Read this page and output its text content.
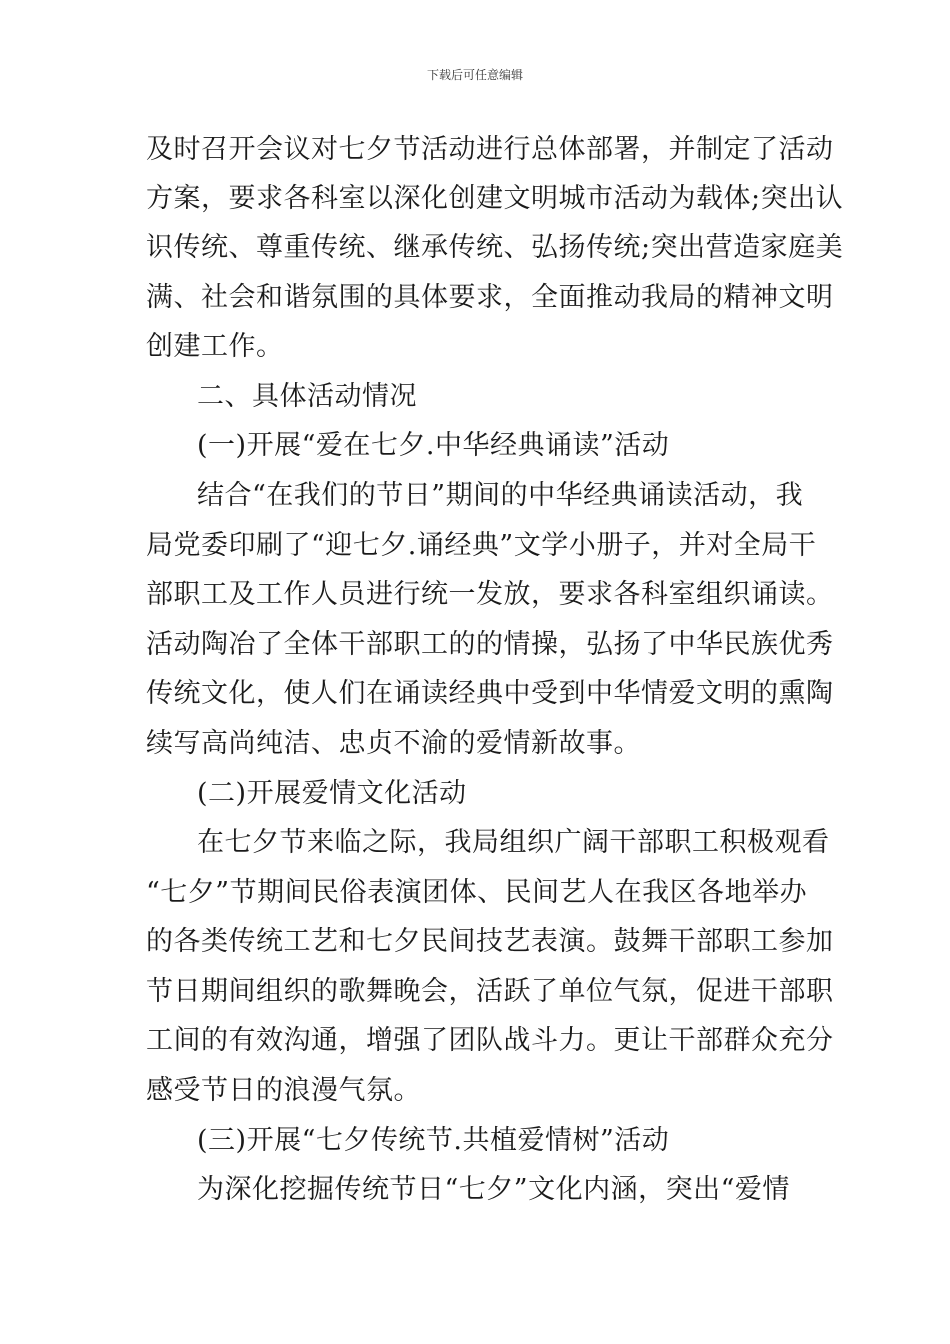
下载后可任意编辑
及时召开会议对七夕节活动进行总体部署，并制定了活动
方案，要求各科室以深化创建文明城市活动为载体;突出认
识传统、尊重传统、继承传统、弘扬传统;突出营造家庭美
满、社会和谐氛围的具体要求，全面推动我局的精神文明
创建工作。
二、具体活动情况
(一)开展“爱在七夕.中华经典诵读”活动
结合“在我们的节日”期间的中华经典诵读活动，我
局党委印刷了“迎七夕.诵经典”文学小册子，并对全局干
部职工及工作人员进行统一发放，要求各科室组织诵读。
活动陶冶了全体干部职工的的情操，弘扬了中华民族优秀
传统文化，使人们在诵读经典中受到中华情爱文明的熏陶
续写高尚纯洁、忠贞不渝的爱情新故事。
(二)开展爱情文化活动
在七夕节来临之际，我局组织广阔干部职工积极观看
“七夕”节期间民俗表演团体、民间艺人在我区各地举办
的各类传统工艺和七夕民间技艺表演。鼓舞干部职工参加
节日期间组织的歌舞晚会，活跃了单位气氛，促进干部职
工间的有效沟通，增强了团队战斗力。更让干部群众充分
感受节日的浪漫气氛。
(三)开展“七夕传统节.共植爱情树”活动
为深化挖掘传统节日“七夕”文化内涵，突出“爱情
